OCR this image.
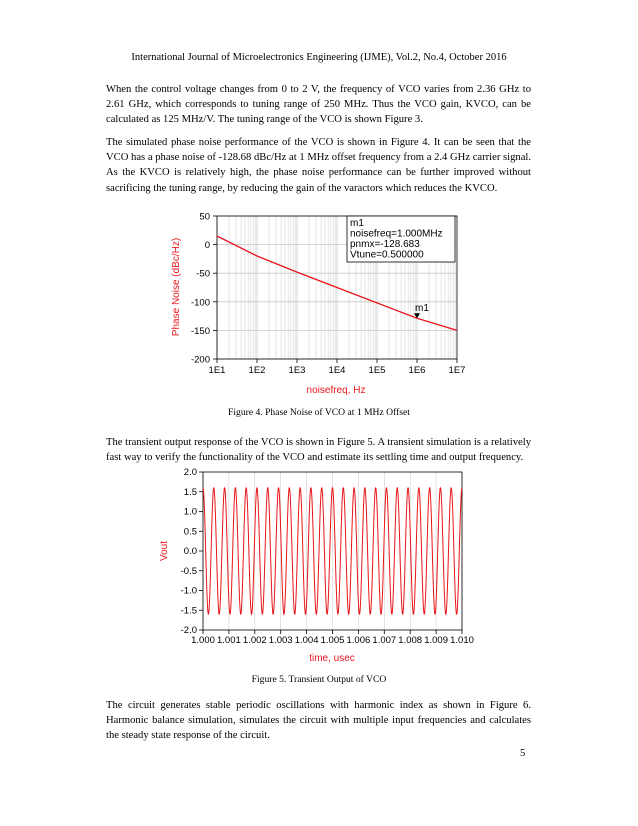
International Journal of Microelectronics Engineering (IJME), Vol.2, No.4, October 2016

When the control voltage changes from 0 to 2 V, the frequency of VCO varies from 2.36 GHz to 2.61 GHz, which corresponds to tuning range of 250 MHz. Thus the VCO gain, KVCO, can be calculated as 125 MHz/V. The tuning range of the VCO is shown Figure 3.

The simulated phase noise performance of the VCO is shown in Figure 4. It can be seen that the VCO has a phase noise of -128.68 dBc/Hz at 1 MHz offset frequency from a 2.4 GHz carrier signal. As the KVCO is relatively high, the phase noise performance can be further improved without sacrificing the tuning range, by reducing the gain of the varactors which reduces the KVCO.

50
0
-50
-100
-150
-200
1E1 1E2 1E3 1E4 1E5 1E6 1E7
m1
m1
noisefreq=1.000MHz
pnmx=-128.683
Vtune=0.500000
noisefreq, Hz
Phase Noise (dBc/Hz)
Figure 4. Phase Noise of VCO at 1 MHz Offset

The transient output response of the VCO is shown in Figure 5. A transient simulation is a relatively fast way to verify the functionality of the VCO and estimate its settling time and output frequency.

2.0
1.5
1.0
0.5
0.0
-0.5
-1.0
-1.5
-2.0
1.000 1.001 1.002 1.003 1.004 1.005 1.006 1.007 1.008 1.009 1.010
time, usec
Vout
Figure 5. Transient Output of VCO

The circuit generates stable periodic oscillations with harmonic index as shown in Figure 6. Harmonic balance simulation, simulates the circuit with multiple input frequencies and calculates the steady state response of the circuit.

5
